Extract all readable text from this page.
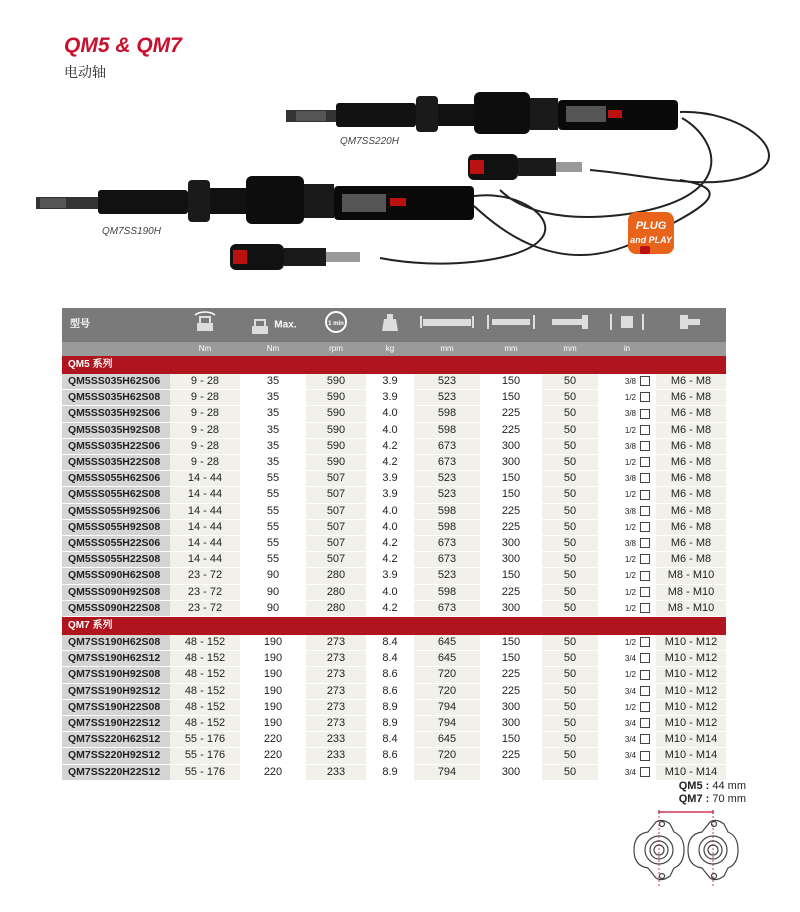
QM5 & QM7
电动轴
QM7SS220H
QM7SS190H	PLUG
and PLAY
型号		Max.	1 min

	Nm	Nm	rpm	kg	mm	mm	mm	in	
QM5 系列									
QM5SS035H62S06	9 - 28	35	590	3.9	523	150	50	3/8	M6 - M8
QM5SS035H62S08	9 - 28	35	590	3.9	523	150	50	1/2	M6 - M8
QM5SS035H92S06	9 - 28	35	590	4.0	598	225	50	3/8	M6 - M8
QM5SS035H92S08	9 - 28	35	590	4.0	598	225	50	1/2	M6 - M8
QM5SS035H22S06	9 - 28	35	590	4.2	673	300	50	3/8	M6 - M8
QM5SS035H22S08	9 - 28	35	590	4.2	673	300	50	1/2	M6 - M8
QM5SS055H62S06	14 - 44	55	507	3.9	523	150	50	3/8	M6 - M8
QM5SS055H62S08	14 - 44	55	507	3.9	523	150	50	1/2	M6 - M8
QM5SS055H92S06	14 - 44	55	507	4.0	598	225	50	3/8	M6 - M8
QM5SS055H92S08	14 - 44	55	507	4.0	598	225	50	1/2	M6 - M8
QM5SS055H22S06	14 - 44	55	507	4.2	673	300	50	3/8	M6 - M8
QM5SS055H22S08	14 - 44	55	507	4.2	673	300	50	1/2	M6 - M8
QM5SS090H62S08	23 - 72	90	280	3.9	523	150	50	1/2	M8 - M10
QM5SS090H92S08	23 - 72	90	280	4.0	598	225	50	1/2	M8 - M10
QM5SS090H22S08	23 - 72	90	280	4.2	673	300	50	1/2	M8 - M10
QM7 系列									
QM7SS190H62S08	48 - 152	190	273	8.4	645	150	50	1/2	M10 - M12
QM7SS190H62S12	48 - 152	190	273	8.4	645	150	50	3/4	M10 - M12
QM7SS190H92S08	48 - 152	190	273	8.6	720	225	50	1/2	M10 - M12
QM7SS190H92S12	48 - 152	190	273	8.6	720	225	50	3/4	M10 - M12
QM7SS190H22S08	48 - 152	190	273	8.9	794	300	50	1/2	M10 - M12
QM7SS190H22S12	48 - 152	190	273	8.9	794	300	50	3/4	M10 - M12
QM7SS220H62S12	55 - 176	220	233	8.4	645	150	50	3/4	M10 - M14
QM7SS220H92S12	55 - 176	220	233	8.6	720	225	50	3/4	M10 - M14
QM7SS220H22S12	55 - 176	220	233	8.9	794	300	50	3/4	M10 - M14
QM5 : 44 mm
QM7 : 70 mm
